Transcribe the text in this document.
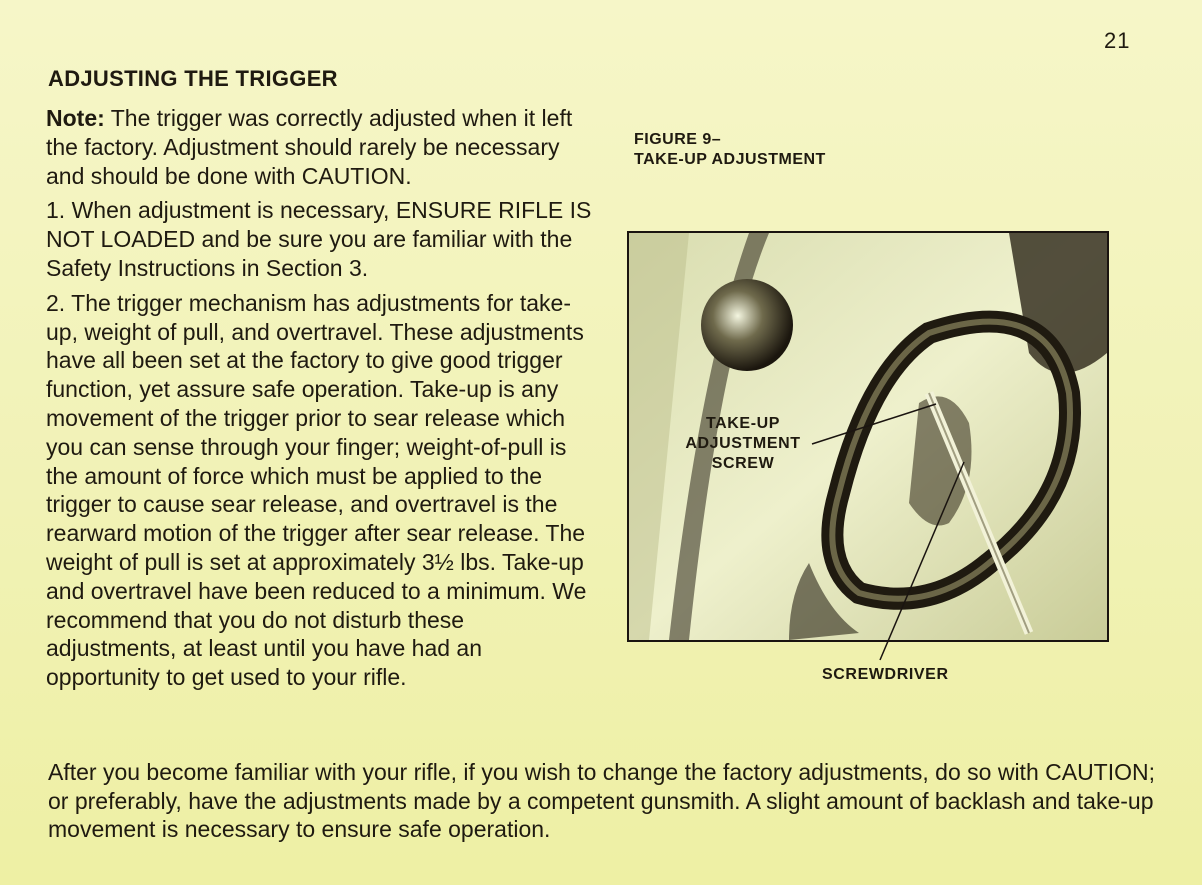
21
ADJUSTING THE TRIGGER

Note: The trigger was correctly adjusted when it left the factory. Adjustment should rarely be necessary and should be done with CAUTION.

1. When adjustment is necessary, ENSURE RIFLE IS NOT LOADED and be sure you are familiar with the Safety Instructions in Section 3.

2. The trigger mechanism has adjustments for take-up, weight of pull, and overtravel. These adjustments have all been set at the factory to give good trigger function, yet assure safe operation. Take-up is any movement of the trigger prior to sear release which you can sense through your finger; weight-of-pull is the amount of force which must be applied to the trigger to cause sear release, and overtravel is the rearward motion of the trigger after sear release. The weight of pull is set at approximately 3½ lbs. Take-up and overtravel have been reduced to a minimum. We recommend that you do not disturb these adjustments, at least until you have had an opportunity to get used to your rifle.

After you become familiar with your rifle, if you wish to change the factory adjustments, do so with CAUTION; or preferably, have the adjustments made by a competent gunsmith. A slight amount of backlash and take-up movement is necessary to ensure safe operation.

FIGURE 9–
TAKE-UP ADJUSTMENT
TAKE-UP
ADJUSTMENT
SCREW
SCREWDRIVER
